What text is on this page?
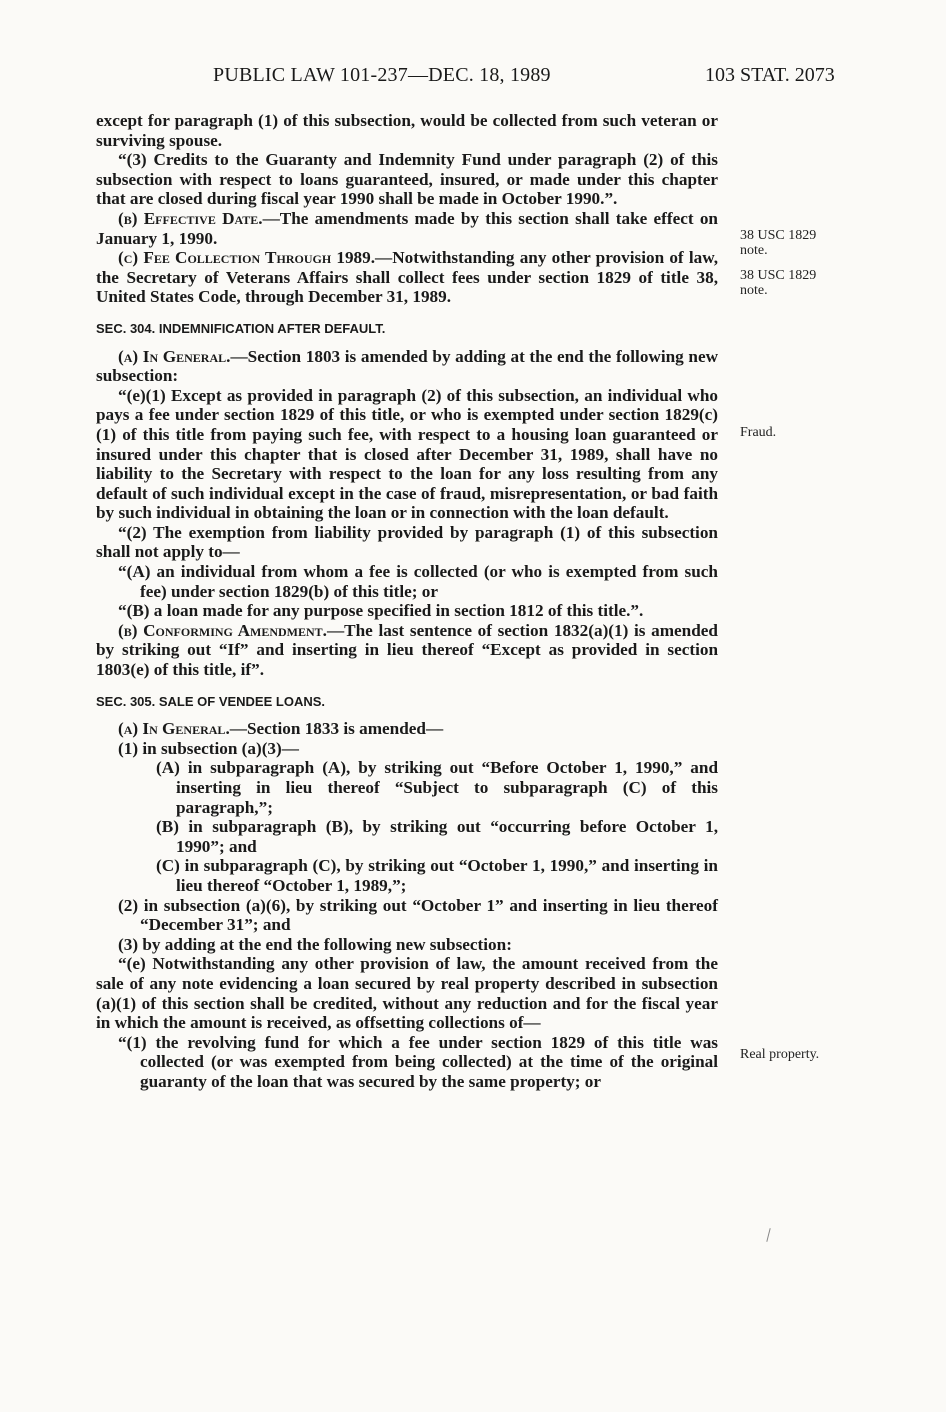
PUBLIC LAW 101-237—DEC. 18, 1989	103 STAT. 2073

except for paragraph (1) of this subsection, would be collected from such veteran or surviving spouse.

“(3) Credits to the Guaranty and Indemnity Fund under paragraph (2) of this subsection with respect to loans guaranteed, insured, or made under this chapter that are closed during fiscal year 1990 shall be made in October 1990.”.

(b) Effective Date.—The amendments made by this section shall take effect on January 1, 1990.

(c) Fee Collection Through 1989.—Notwithstanding any other provision of law, the Secretary of Veterans Affairs shall collect fees under section 1829 of title 38, United States Code, through December 31, 1989.

SEC. 304. INDEMNIFICATION AFTER DEFAULT.

(a) In General.—Section 1803 is amended by adding at the end the following new subsection:

“(e)(1) Except as provided in paragraph (2) of this subsection, an individual who pays a fee under section 1829 of this title, or who is exempted under section 1829(c)(1) of this title from paying such fee, with respect to a housing loan guaranteed or insured under this chapter that is closed after December 31, 1989, shall have no liability to the Secretary with respect to the loan for any loss resulting from any default of such individual except in the case of fraud, misrepresentation, or bad faith by such individual in obtaining the loan or in connection with the loan default.

“(2) The exemption from liability provided by paragraph (1) of this subsection shall not apply to—

“(A) an individual from whom a fee is collected (or who is exempted from such fee) under section 1829(b) of this title; or

“(B) a loan made for any purpose specified in section 1812 of this title.”.

(b) Conforming Amendment.—The last sentence of section 1832(a)(1) is amended by striking out “If” and inserting in lieu thereof “Except as provided in section 1803(e) of this title, if”.

SEC. 305. SALE OF VENDEE LOANS.

(a) In General.—Section 1833 is amended—

(1) in subsection (a)(3)—

(A) in subparagraph (A), by striking out “Before October 1, 1990,” and inserting in lieu thereof “Subject to subparagraph (C) of this paragraph,”;

(B) in subparagraph (B), by striking out “occurring before October 1, 1990”; and

(C) in subparagraph (C), by striking out “October 1, 1990,” and inserting in lieu thereof “October 1, 1989,”;

(2) in subsection (a)(6), by striking out “October 1” and inserting in lieu thereof “December 31”; and

(3) by adding at the end the following new subsection:

“(e) Notwithstanding any other provision of law, the amount received from the sale of any note evidencing a loan secured by real property described in subsection (a)(1) of this section shall be credited, without any reduction and for the fiscal year in which the amount is received, as offsetting collections of—

“(1) the revolving fund for which a fee under section 1829 of this title was collected (or was exempted from being collected) at the time of the original guaranty of the loan that was secured by the same property; or

38 USC 1829
note.
38 USC 1829
note.
Fraud.
Real property.
